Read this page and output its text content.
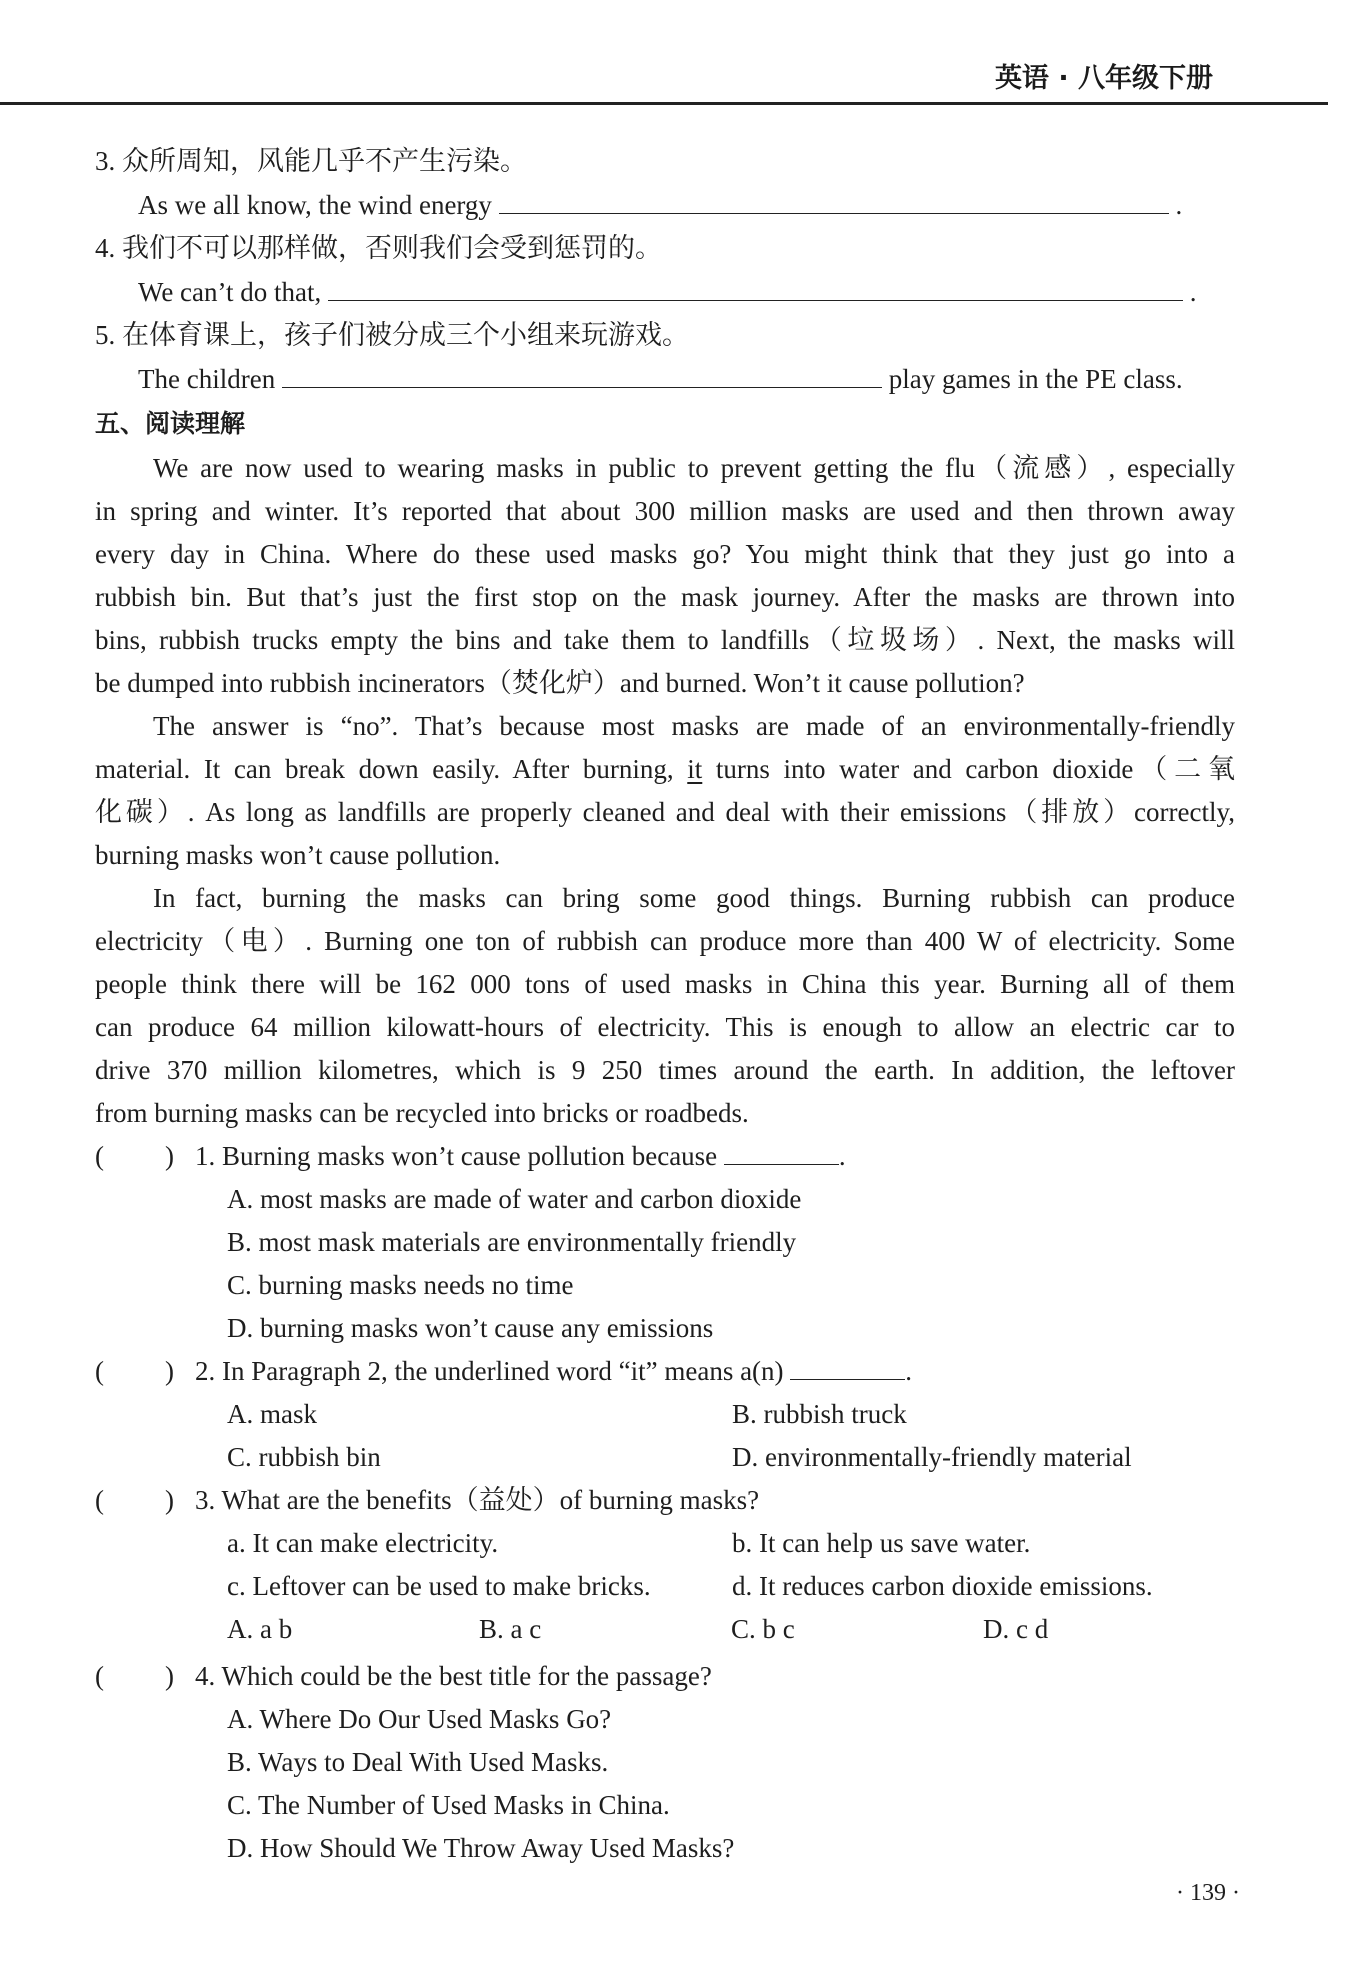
英语 · 八年级下册
3. 众所周知，风能几乎不产生污染。
As we all know, the wind energy	.
4. 我们不可以那样做，否则我们会受到惩罚的。
We can’t do that,	.
5. 在体育课上，孩子们被分成三个小组来玩游戏。
The children	play games in the PE class.
五、阅读理解
We are now used to wearing masks in public to prevent getting the flu（流感）, especially
in spring and winter. It’s reported that about 300 million masks are used and then thrown away
every day in China. Where do these used masks go? You might think that they just go into a
rubbish bin. But that’s just the first stop on the mask journey. After the masks are thrown into
bins, rubbish trucks empty the bins and take them to landfills（垃圾场）. Next, the masks will
be dumped into rubbish incinerators（焚化炉）and burned. Won’t it cause pollution?
The answer is “no”. That’s because most masks are made of an environmentally-friendly
material. It can break down easily. After burning, it turns into water and carbon dioxide（二氧
化碳）. As long as landfills are properly cleaned and deal with their emissions（排放）correctly,
burning masks won’t cause pollution.
In fact, burning the masks can bring some good things. Burning rubbish can produce
electricity（电）. Burning one ton of rubbish can produce more than 400 W of electricity. Some
people think there will be 162 000 tons of used masks in China this year. Burning all of them
can produce 64 million kilowatt-hours of electricity. This is enough to allow an electric car to
drive 370 million kilometres, which is 9 250 times around the earth. In addition, the leftover
from burning masks can be recycled into bricks or roadbeds.
( ) 1. Burning masks won’t cause pollution because	.
A. most masks are made of water and carbon dioxide
B. most mask materials are environmentally friendly
C. burning masks needs no time
D. burning masks won’t cause any emissions
( ) 2. In Paragraph 2, the underlined word “it” means a(n)	.
A. mask	B. rubbish truck
C. rubbish bin	D. environmentally-friendly material
( ) 3. What are the benefits（益处）of burning masks?
a. It can make electricity.	b. It can help us save water.
c. Leftover can be used to make bricks.	d. It reduces carbon dioxide emissions.
A. a b	B. a c	C. b c	D. c d
( ) 4. Which could be the best title for the passage?
A. Where Do Our Used Masks Go?
B. Ways to Deal With Used Masks.
C. The Number of Used Masks in China.
D. How Should We Throw Away Used Masks?
· 139 ·
